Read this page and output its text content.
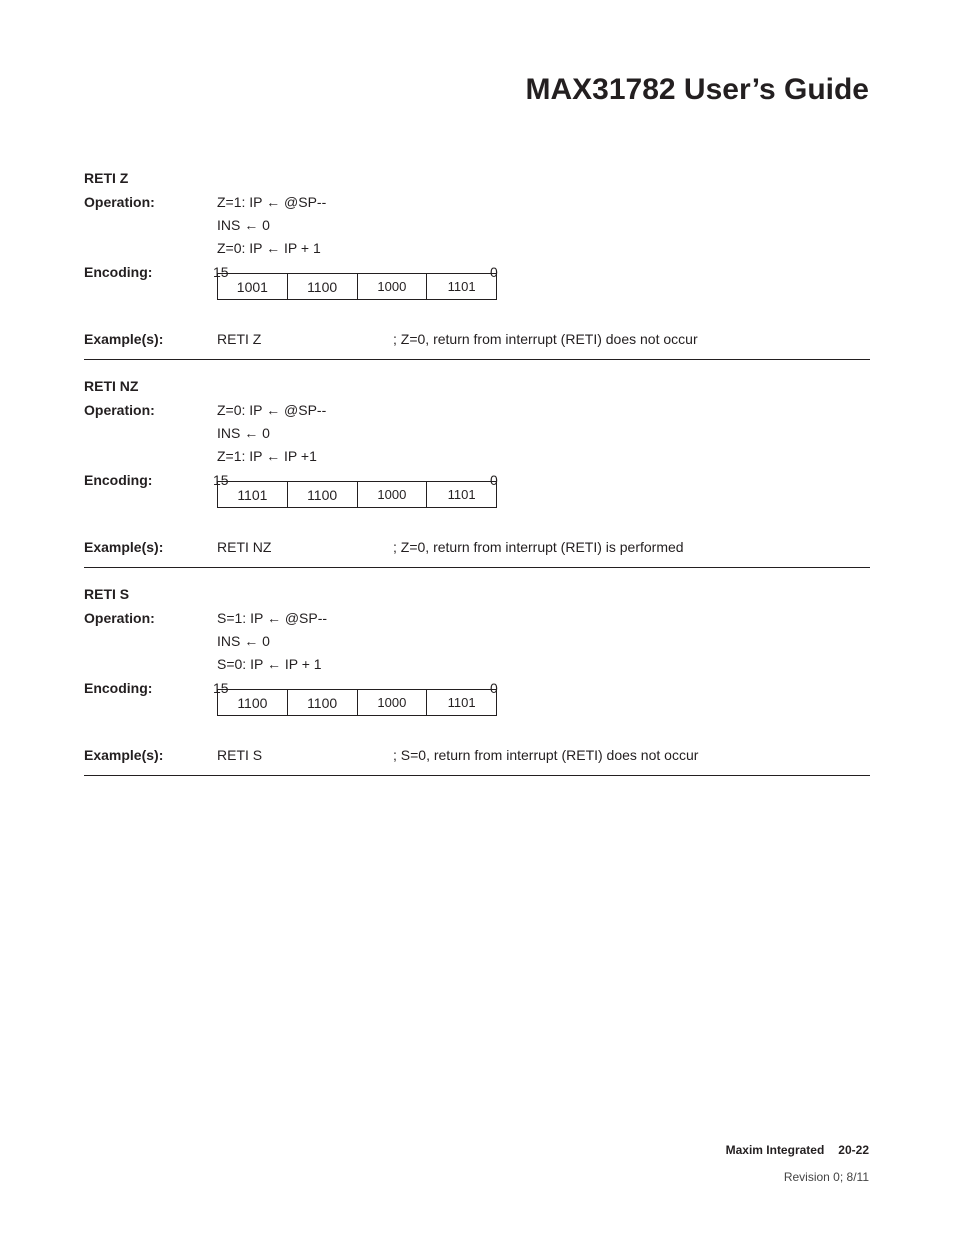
MAX31782 User’s Guide
RETI Z
Operation:	Z=1: IP ← @SP--
INS ← 0
Z=0: IP ← IP + 1
Encoding:	15	0
1001	1100	1000	1101
Example(s):	RETI Z	; Z=0, return from interrupt (RETI) does not occur
RETI NZ
Operation:	Z=0: IP ← @SP--
INS ← 0
Z=1: IP ← IP +1
Encoding:	15	0
1101	1100	1000	1101
Example(s):	RETI NZ	; Z=0, return from interrupt (RETI) is performed
RETI S
Operation:	S=1: IP ← @SP--
INS ← 0
S=0: IP ← IP + 1
Encoding:	15	0
1100	1100	1000	1101
Example(s):	RETI S	; S=0, return from interrupt (RETI) does not occur
Maxim Integrated 20-22
Revision 0; 8/11
